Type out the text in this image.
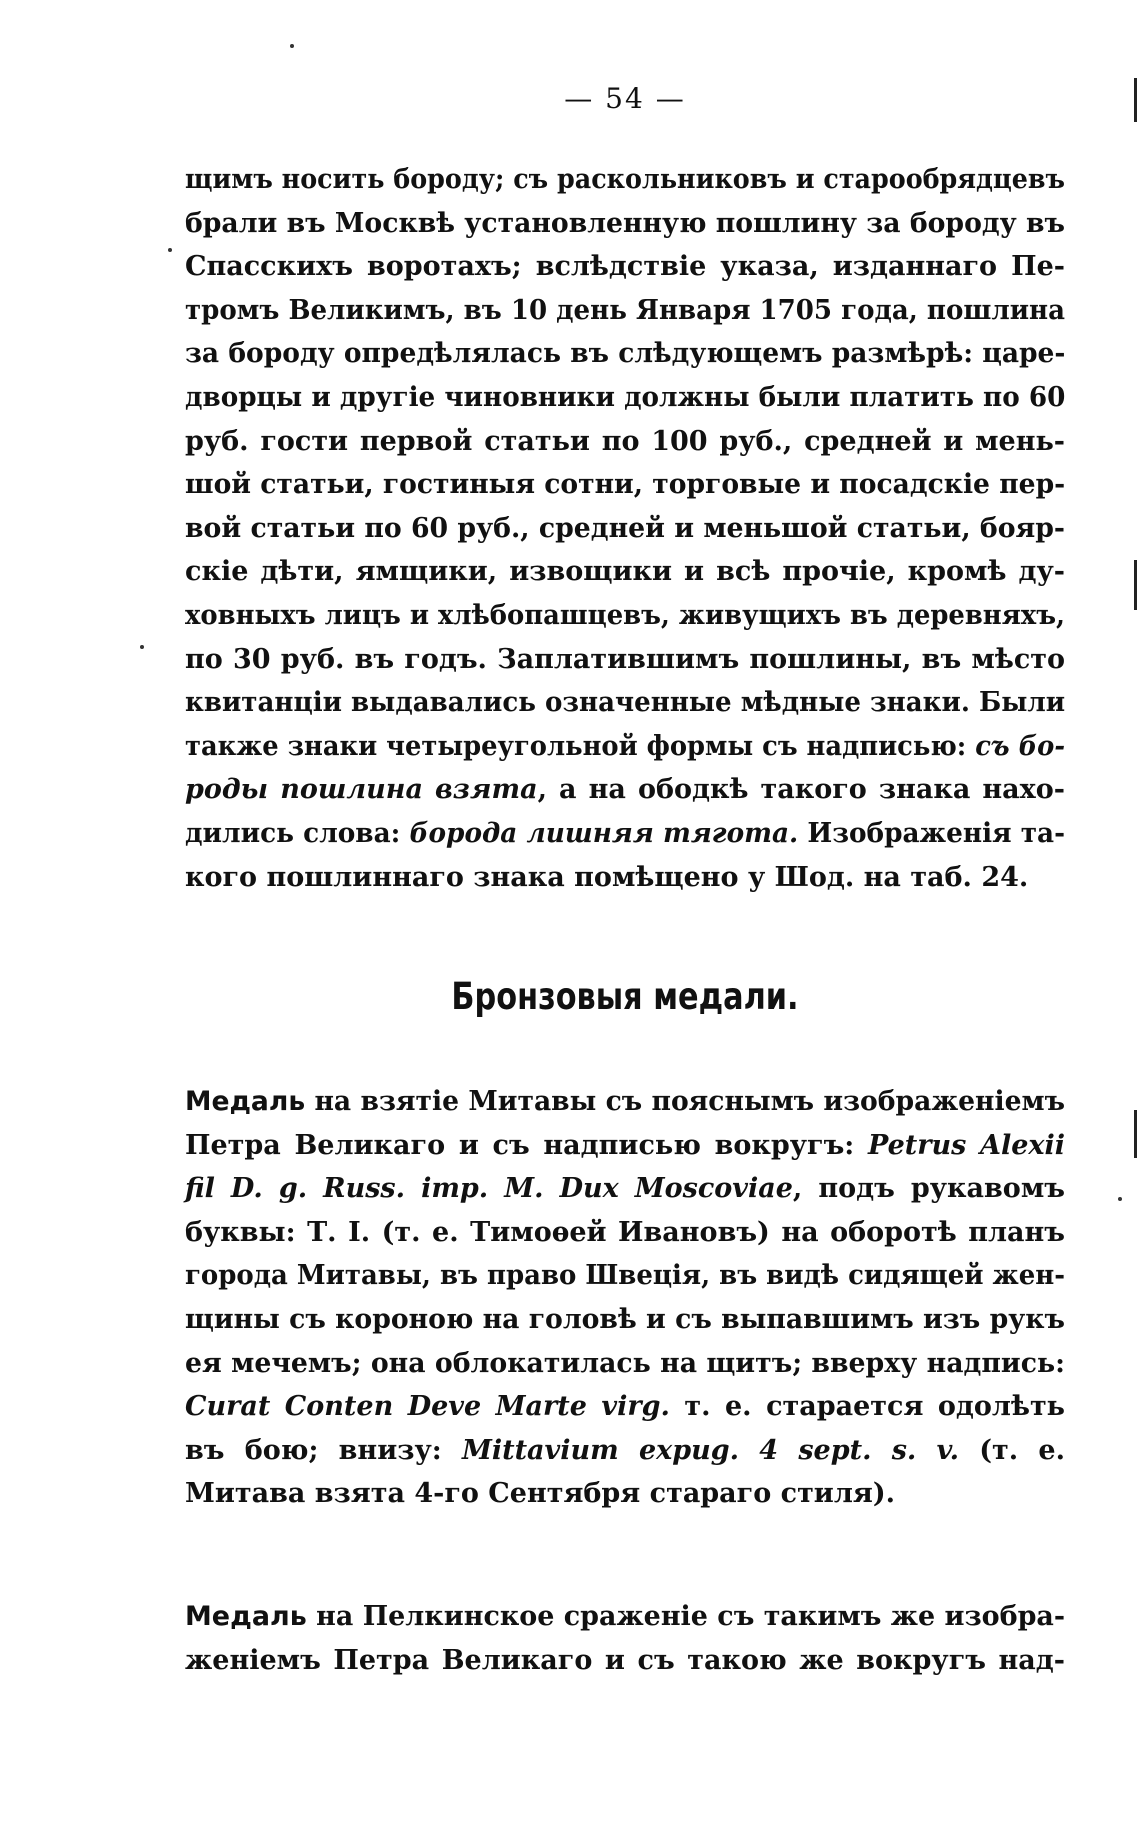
— 54 —
щимъ носить бороду; съ раскольниковъ и старообрядцевъ
брали въ Москвѣ установленную пошлину за бороду въ
Спасскихъ воротахъ; вслѣдствіе указа, изданнаго Пе-
тромъ Великимъ, въ 10 день Января 1705 года, пошлина
за бороду опредѣлялась въ слѣдующемъ размѣрѣ: царе-
дворцы и другіе чиновники должны были платить по 60
руб. гости первой статьи по 100 руб., средней и мень-
шой статьи, гостиныя сотни, торговые и посадскіе пер-
вой статьи по 60 руб., средней и меньшой статьи, бояр-
скіе дѣти, ямщики, извощики и всѣ прочіе, кромѣ ду-
ховныхъ лицъ и хлѣбопашцевъ, живущихъ въ деревняхъ,
по 30 руб. въ годъ. Заплатившимъ пошлины, въ мѣсто
квитанціи выдавались означенные мѣдные знаки. Были
также знаки четыреугольной формы съ надписью: съ бо-
роды пошлина взята, а на ободкѣ такого знака нахо-
дились слова: борода лишняя тягота. Изображенія та-
кого пошлиннаго знака помѣщено у Шод. на таб. 24.
Бронзовыя медали.
Медаль на взятіе Митавы съ пояснымъ изображеніемъ
Петра Великаго и съ надписью вокругъ: Petrus Alexii
fil D. g. Russ. imp. M. Dux Moscoviae, подъ рукавомъ
буквы: Т. І. (т. е. Тимоѳей Ивановъ) на оборотѣ планъ
города Митавы, въ право Швеція, въ видѣ сидящей жен-
щины съ короною на головѣ и съ выпавшимъ изъ рукъ
ея мечемъ; она облокатилась на щитъ; вверху надпись:
Curat Conten Deve Marte virg. т. е. старается одолѣть
въ бою; внизу: Mittavium expug. 4 sept. s. v. (т. е.
Митава взята 4-го Сентября стараго стиля).
Медаль на Пелкинское сраженіе съ такимъ же изобра-
женіемъ Петра Великаго и съ такою же вокругъ над-
